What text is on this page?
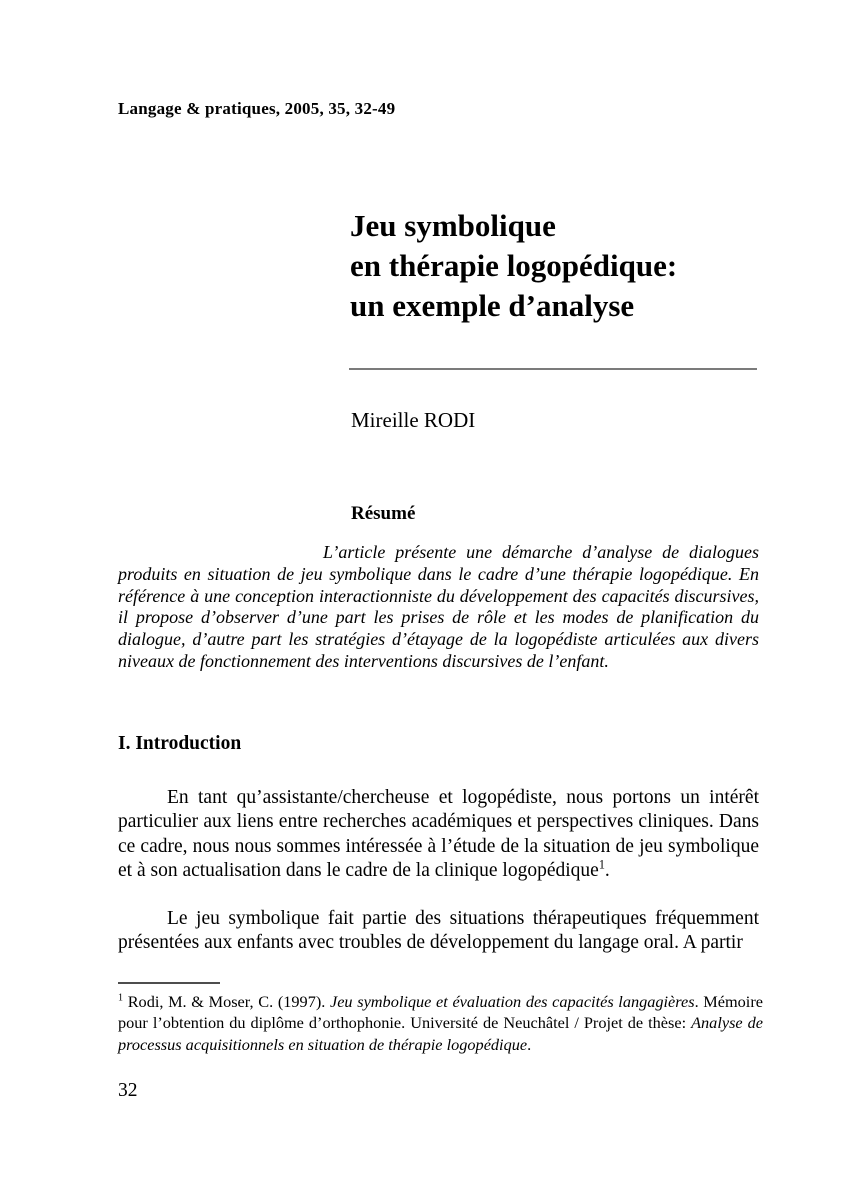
Langage & pratiques, 2005, 35, 32-49
Jeu symbolique
en thérapie logopédique:
un exemple d’analyse
Mireille RODI
Résumé
L’article présente une démarche d’analyse de dialogues produits en situation de jeu symbolique dans le cadre d’une thérapie logopédique. En référence à une conception interactionniste du développement des capacités discursives, il propose d’observer d’une part les prises de rôle et les modes de planification du dialogue, d’autre part les stratégies d’étayage de la logopédiste articulées aux divers niveaux de fonctionnement des interventions discursives de l’enfant.
I. Introduction
En tant qu’assistante/chercheuse et logopédiste, nous portons un intérêt particulier aux liens entre recherches académiques et perspectives cliniques. Dans ce cadre, nous nous sommes intéressée à l’étude de la situation de jeu symbolique et à son actualisation dans le cadre de la clinique logopédique$^1$.
Le jeu symbolique fait partie des situations thérapeutiques fréquemment présentées aux enfants avec troubles de développement du langage oral. A partir
$^1$ Rodi, M. & Moser, C. (1997). Jeu symbolique et évaluation des capacités langagières. Mémoire pour l’obtention du diplôme d’orthophonie. Université de Neuchâtel / Projet de thèse: Analyse de processus acquisitionnels en situation de thérapie logopédique.
32
